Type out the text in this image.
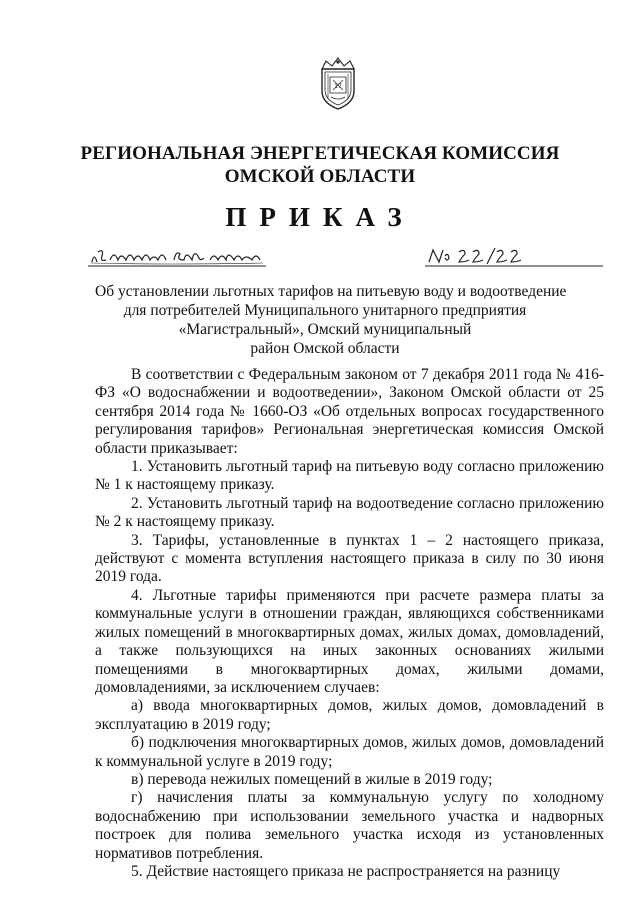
17
РЕГИОНАЛЬНАЯ ЭНЕРГЕТИЧЕСКАЯ КОМИССИЯ
ОМСКОЙ ОБЛАСТИ
ПРИКАЗ
Об установлении льготных тарифов на питьевую воду и водоотведение
для потребителей Муниципального унитарного предприятия
«Магистральный», Омский муниципальный
район Омской области

В соответствии с Федеральным законом от 7 декабря 2011 года № 416-ФЗ «О водоснабжении и водоотведении», Законом Омской области от 25 сентября 2014 года № 1660-ОЗ «Об отдельных вопросах государственного регулирования тарифов» Региональная энергетическая комиссия Омской области приказывает:

1. Установить льготный тариф на питьевую воду согласно приложению № 1 к настоящему приказу.

2. Установить льготный тариф на водоотведение согласно приложению № 2 к настоящему приказу.

3. Тарифы, установленные в пунктах 1 – 2 настоящего приказа, действуют с момента вступления настоящего приказа в силу по 30 июня 2019 года.

4. Льготные тарифы применяются при расчете размера платы за коммунальные услуги в отношении граждан, являющихся собственниками жилых помещений в многоквартирных домах, жилых домах, домовладений, а также пользующихся на иных законных основаниях жилыми помещениями в многоквартирных домах, жилыми домами, домовладениями, за исключением случаев:

а) ввода многоквартирных домов, жилых домов, домовладений в эксплуатацию в 2019 году;

б) подключения многоквартирных домов, жилых домов, домовладений к коммунальной услуге в 2019 году;

в) перевода нежилых помещений в жилые в 2019 году;

г) начисления платы за коммунальную услугу по холодному водоснабжению при использовании земельного участка и надворных построек для полива земельного участка исходя из установленных нормативов потребления.

5. Действие настоящего приказа не распространяется на разницу
